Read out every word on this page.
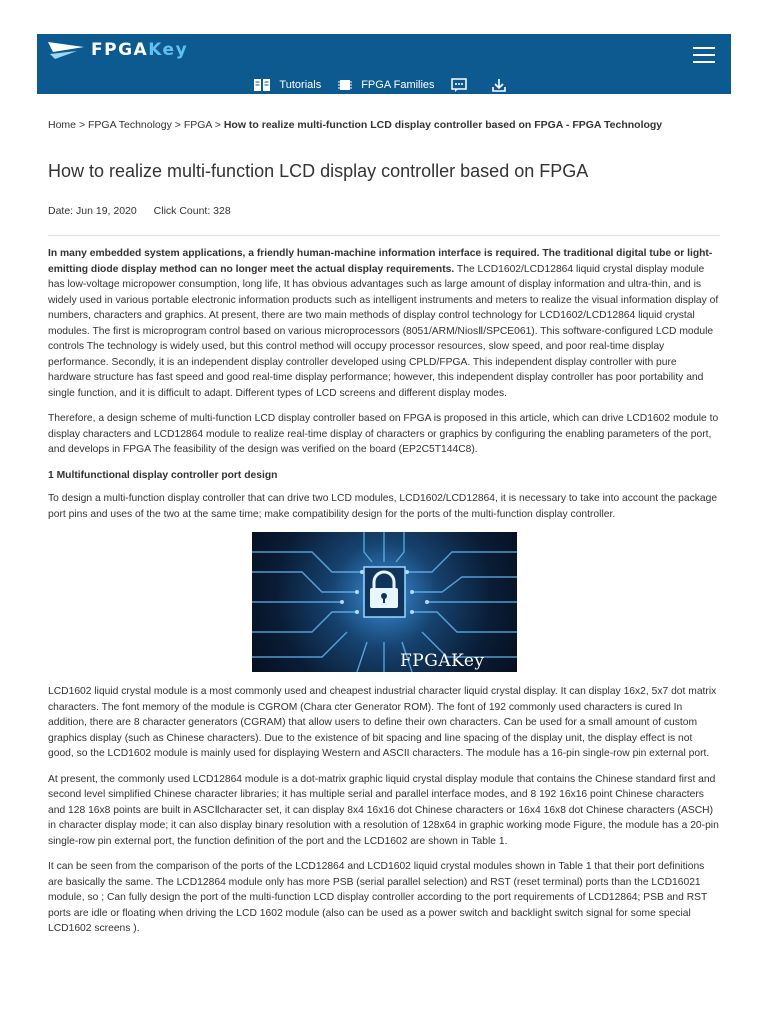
FPGAKey
Tutorials	FPGA Families
Home > FPGA Technology > FPGA > How to realize multi-function LCD display controller based on FPGA - FPGA Technology
How to realize multi-function LCD display controller based on FPGA
Date: Jun 19, 2020 Click Count: 328

In many embedded system applications, a friendly human-machine information interface is required. The traditional digital tube or light-emitting diode display method can no longer meet the actual display requirements. The LCD1602/LCD12864 liquid crystal display module has low-voltage micropower consumption, long life, It has obvious advantages such as large amount of display information and ultra-thin, and is widely used in various portable electronic information products such as intelligent instruments and meters to realize the visual information display of numbers, characters and graphics. At present, there are two main methods of display control technology for LCD1602/LCD12864 liquid crystal modules. The first is microprogram control based on various microprocessors (8051/ARM/NiosⅡ/SPCE061). This software-configured LCD module controls The technology is widely used, but this control method will occupy processor resources, slow speed, and poor real-time display performance. Secondly, it is an independent display controller developed using CPLD/FPGA. This independent display controller with pure hardware structure has fast speed and good real-time display performance; however, this independent display controller has poor portability and single function, and it is difficult to adapt. Different types of LCD screens and different display modes.

Therefore, a design scheme of multi-function LCD display controller based on FPGA is proposed in this article, which can drive LCD1602 module to display characters and LCD12864 module to realize real-time display of characters or graphics by configuring the enabling parameters of the port, and develops in FPGA The feasibility of the design was verified on the board (EP2C5T144C8).

1 Multifunctional display controller port design

To design a multi-function display controller that can drive two LCD modules, LCD1602/LCD12864, it is necessary to take into account the package port pins and uses of the two at the same time; make compatibility design for the ports of the multi-function display controller.

FPGAKey

LCD1602 liquid crystal module is a most commonly used and cheapest industrial character liquid crystal display. It can display 16x2, 5x7 dot matrix characters. The font memory of the module is CGROM (Chara cter Generator ROM). The font of 192 commonly used characters is cured In addition, there are 8 character generators (CGRAM) that allow users to define their own characters. Can be used for a small amount of custom graphics display (such as Chinese characters). Due to the existence of bit spacing and line spacing of the display unit, the display effect is not good, so the LCD1602 module is mainly used for displaying Western and ASCII characters. The module has a 16-pin single-row pin external port.

At present, the commonly used LCD12864 module is a dot-matrix graphic liquid crystal display module that contains the Chinese standard first and second level simplified Chinese character libraries; it has multiple serial and parallel interface modes, and 8 192 16x16 point Chinese characters and 128 16x8 points are built in ASCⅡcharacter set, it can display 8x4 16x16 dot Chinese characters or 16x4 16x8 dot Chinese characters (ASCH) in character display mode; it can also display binary resolution with a resolution of 128x64 in graphic working mode Figure, the module has a 20-pin single-row pin external port, the function definition of the port and the LCD1602 are shown in Table 1.

It can be seen from the comparison of the ports of the LCD12864 and LCD1602 liquid crystal modules shown in Table 1 that their port definitions are basically the same. The LCD12864 module only has more PSB (serial parallel selection) and RST (reset terminal) ports than the LCD16021 module, so ; Can fully design the port of the multi-function LCD display controller according to the port requirements of LCD12864; PSB and RST ports are idle or floating when driving the LCD 1602 module (also can be used as a power switch and backlight switch signal for some special LCD1602 screens ).
